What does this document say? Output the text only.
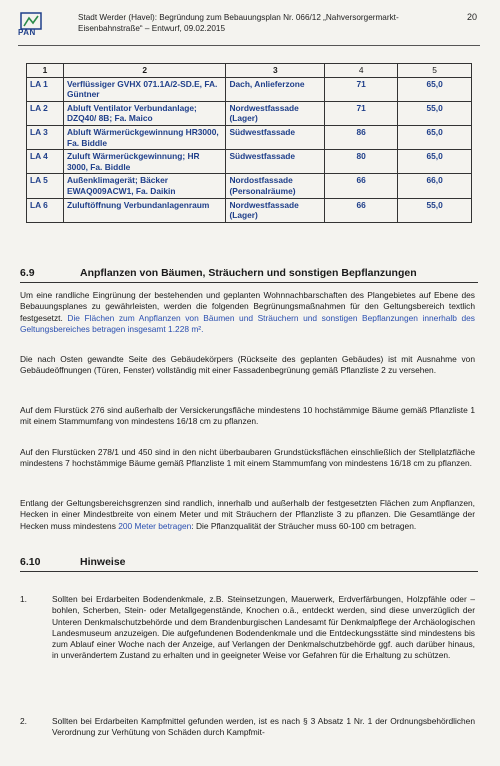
PAN
Stadt Werder (Havel): Begründung zum Bebauungsplan Nr. 066/12 „Nahversorgermarkt- Eisenbahnstraße“ – Entwurf, 09.02.2015
20
1	2	3	4	5
LA 1	Verflüssiger GVHX 071.1A/2-SD.E, FA. Güntner	Dach, Anlieferzone	71	65,0
LA 2	Abluft Ventilator Verbundanlage; DZQ40/ 8B; Fa. Maico	Nordwestfassade (Lager)	71	55,0
LA 3	Abluft Wärmerückgewinnung HR3000, Fa. Biddle	Südwestfassade	86	65,0
LA 4	Zuluft Wärmerückgewinnung; HR 3000, Fa. Biddle	Südwestfassade	80	65,0
LA 5	Außenklimagerät; Bäcker EWAQ009ACW1, Fa. Daikin	Nordostfassade (Personalräume)	66	66,0
LA 6	Zuluftöffnung Verbundanlagenraum	Nordwestfassade (Lager)	66	55,0
6.9	Anpflanzen von Bäumen, Sträuchern und sonstigen Bepflanzungen
Um eine randliche Eingrünung der bestehenden und geplanten Wohnnachbarschaften des Plangebietes auf Ebene des Bebauungsplanes zu gewährleisten, werden die folgenden Begrünungsmaßnahmen für den Geltungsbereich textlich festgesetzt. Die Flächen zum Anpflanzen von Bäumen und Sträuchern und sonstigen Bepflanzungen innerhalb des Geltungsbereiches betragen insgesamt 1.228 m².
Die nach Osten gewandte Seite des Gebäudekörpers (Rückseite des geplanten Gebäudes) ist mit Ausnahme von Gebäudeöffnungen (Türen, Fenster) vollständig mit einer Fassadenbegrünung gemäß Pflanzliste 2 zu versehen.
Auf dem Flurstück 276 sind außerhalb der Versickerungsfläche mindestens 10 hochstämmige Bäume gemäß Pflanzliste 1 mit einem Stammumfang von mindestens 16/18 cm zu pflanzen.
Auf den Flurstücken 278/1 und 450 sind in den nicht überbaubaren Grundstücksflächen einschließlich der Stellplatzfläche mindestens 7 hochstämmige Bäume gemäß Pflanzliste 1 mit einem Stammumfang von mindestens 16/18 cm zu pflanzen.
Entlang der Geltungsbereichsgrenzen sind randlich, innerhalb und außerhalb der festgesetzten Flächen zum Anpflanzen, Hecken in einer Mindestbreite von einem Meter und mit Sträuchern der Pflanzliste 3 zu pflanzen. Die Gesamtlänge der Hecken muss mindestens 200 Meter betragen: Die Pflanzqualität der Sträucher muss 60-100 cm betragen.
6.10	Hinweise
1.	Sollten bei Erdarbeiten Bodendenkmale, z.B. Steinsetzungen, Mauerwerk, Erdverfärbungen, Holzpfähle oder –bohlen, Scherben, Stein- oder Metallgegenstände, Knochen o.ä., entdeckt werden, sind diese unverzüglich der Unteren Denkmalschutzbehörde und dem Brandenburgischen Landesamt für Denkmalpflege der Archäologischen Landesmuseum anzuzeigen. Die aufgefundenen Bodendenkmale und die Entdeckungsstätte sind mindestens bis zum Ablauf einer Woche nach der Anzeige, auf Verlangen der Denkmalschutzbehörde ggf. auch darüber hinaus, in unverändertem Zustand zu erhalten und in geeigneter Weise vor Gefahren für die Erhaltung zu schützen.
2.	Sollten bei Erdarbeiten Kampfmittel gefunden werden, ist es nach § 3 Absatz 1 Nr. 1 der Ordnungsbehördlichen Verordnung zur Verhütung von Schäden durch Kampfmit-
